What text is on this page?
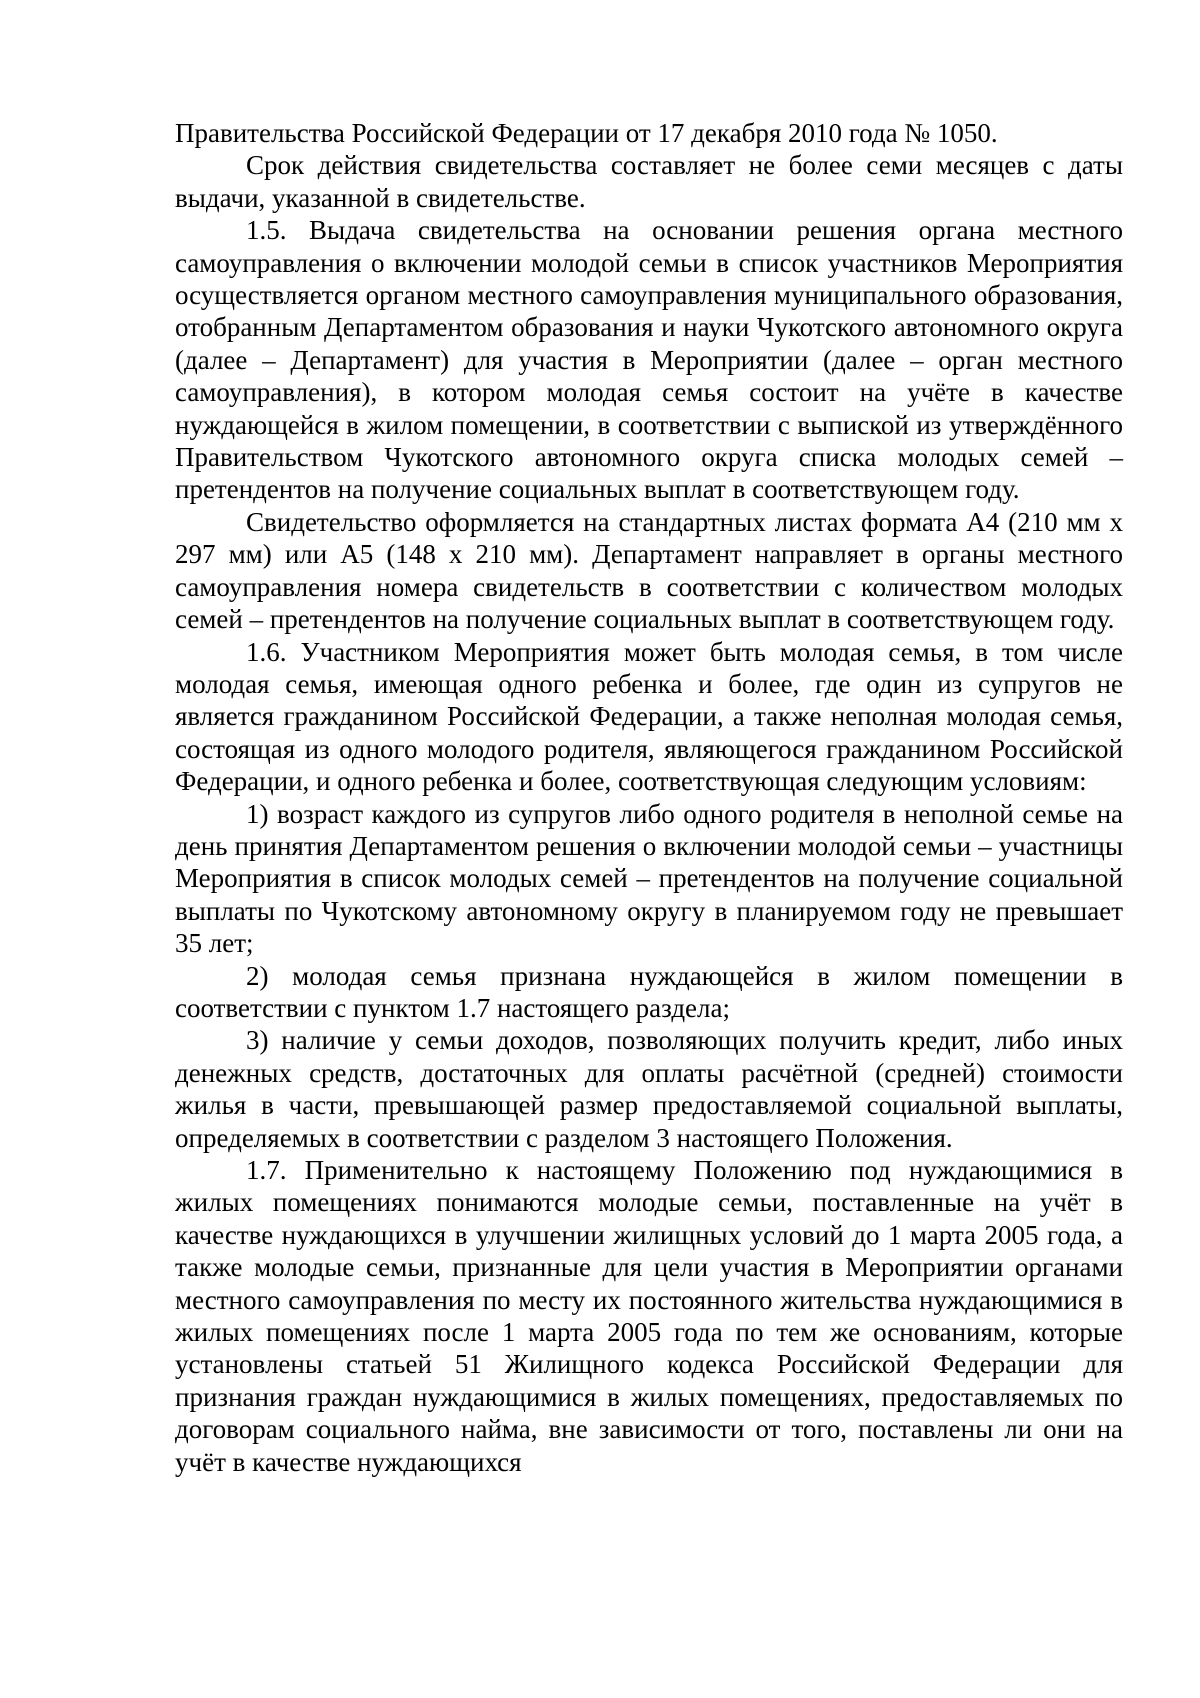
Правительства Российской Федерации от 17 декабря 2010 года № 1050.

Срок действия свидетельства составляет не более семи месяцев с даты выдачи, указанной в свидетельстве.

1.5. Выдача свидетельства на основании решения органа местного самоуправления о включении молодой семьи в список участников Мероприятия осуществляется органом местного самоуправления муниципального образования, отобранным Департаментом образования и науки Чукотского автономного округа (далее – Департамент) для участия в Мероприятии (далее – орган местного самоуправления), в котором молодая семья состоит на учёте в качестве нуждающейся в жилом помещении, в соответствии с выпиской из утверждённого Правительством Чукотского автономного округа списка молодых семей – претендентов на получение социальных выплат в соответствующем году.

Свидетельство оформляется на стандартных листах формата А4 (210 мм х 297 мм) или А5 (148 х 210 мм). Департамент направляет в органы местного самоуправления номера свидетельств в соответствии с количеством молодых семей – претендентов на получение социальных выплат в соответствующем году.

1.6. Участником Мероприятия может быть молодая семья, в том числе молодая семья, имеющая одного ребенка и более, где один из супругов не является гражданином Российской Федерации, а также неполная молодая семья, состоящая из одного молодого родителя, являющегося гражданином Российской Федерации, и одного ребенка и более, соответствующая следующим условиям:

1) возраст каждого из супругов либо одного родителя в неполной семье на день принятия Департаментом решения о включении молодой семьи – участницы Мероприятия в список молодых семей – претендентов на получение социальной выплаты по Чукотскому автономному округу в планируемом году не превышает 35 лет;

2) молодая семья признана нуждающейся в жилом помещении в соответствии с пунктом 1.7 настоящего раздела;

3) наличие у семьи доходов, позволяющих получить кредит, либо иных денежных средств, достаточных для оплаты расчётной (средней) стоимости жилья в части, превышающей размер предоставляемой социальной выплаты, определяемых в соответствии с разделом 3 настоящего Положения.

1.7. Применительно к настоящему Положению под нуждающимися в жилых помещениях понимаются молодые семьи, поставленные на учёт в качестве нуждающихся в улучшении жилищных условий до 1 марта 2005 года, а также молодые семьи, признанные для цели участия в Мероприятии органами местного самоуправления по месту их постоянного жительства нуждающимися в жилых помещениях после 1 марта 2005 года по тем же основаниям, которые установлены статьей 51 Жилищного кодекса Российской Федерации для признания граждан нуждающимися в жилых помещениях, предоставляемых по договорам социального найма, вне зависимости от того, поставлены ли они на учёт в качестве нуждающихся
